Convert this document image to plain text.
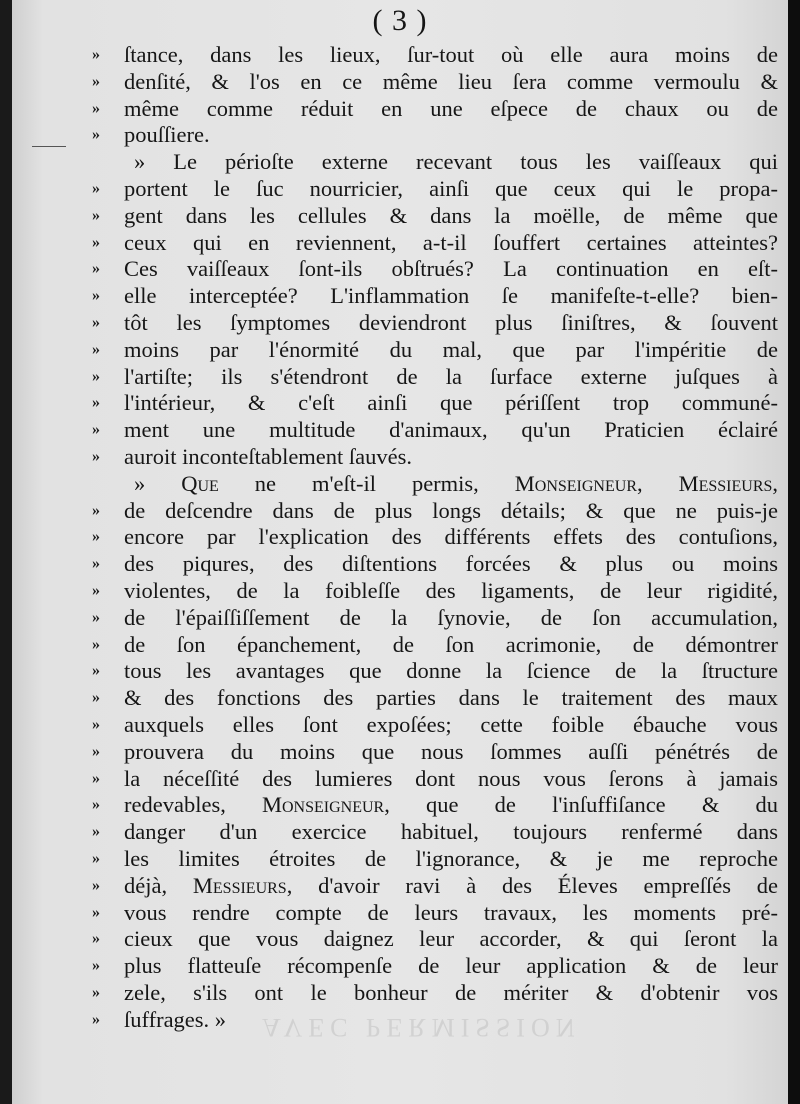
( 3 )
»	ſtance, dans les lieux, ſur-tout où elle aura moins de
»	denſité, & l'os en ce même lieu ſera comme vermoulu &
»	même comme réduit en une eſpece de chaux ou de
»	pouſſiere.
» Le périoſte externe recevant tous les vaiſſeaux qui
»	portent le ſuc nourricier, ainſi que ceux qui le propa-
»	gent dans les cellules & dans la moëlle, de même que
»	ceux qui en reviennent, a-t-il ſouffert certaines atteintes?
»	Ces vaiſſeaux ſont-ils obſtrués? La continuation en eſt-
»	elle interceptée? L'inflammation ſe manifeſte-t-elle? bien-
»	tôt les ſymptomes deviendront plus ſiniſtres, & ſouvent
»	moins par l'énormité du mal, que par l'impéritie de
»	l'artiſte; ils s'étendront de la ſurface externe juſques à
»	l'intérieur, & c'eſt ainſi que périſſent trop communé-
»	ment une multitude d'animaux, qu'un Praticien éclairé
»	auroit inconteſtablement ſauvés.
» Que ne m'eſt-il permis, Monseigneur, Messieurs,
»	de deſcendre dans de plus longs détails; & que ne puis-je
»	encore par l'explication des différents effets des contuſions,
»	des piqures, des diſtentions forcées & plus ou moins
»	violentes, de la foibleſſe des ligaments, de leur rigidité,
»	de l'épaiſſiſſement de la ſynovie, de ſon accumulation,
»	de ſon épanchement, de ſon acrimonie, de démontrer
»	tous les avantages que donne la ſcience de la ſtructure
»	& des fonctions des parties dans le traitement des maux
»	auxquels elles ſont expoſées; cette foible ébauche vous
»	prouvera du moins que nous ſommes auſſi pénétrés de
»	la néceſſité des lumieres dont nous vous ſerons à jamais
»	redevables, Monseigneur, que de l'inſuffiſance & du
»	danger d'un exercice habituel, toujours renfermé dans
»	les limites étroites de l'ignorance, & je me reproche
»	déjà, Messieurs, d'avoir ravi à des Éleves empreſſés de
»	vous rendre compte de leurs travaux, les moments pré-
»	cieux que vous daignez leur accorder, & qui ſeront la
»	plus flatteuſe récompenſe de leur application & de leur
»	zele, s'ils ont le bonheur de mériter & d'obtenir vos
»	ſuffrages. »	AVEC PERMISSION
